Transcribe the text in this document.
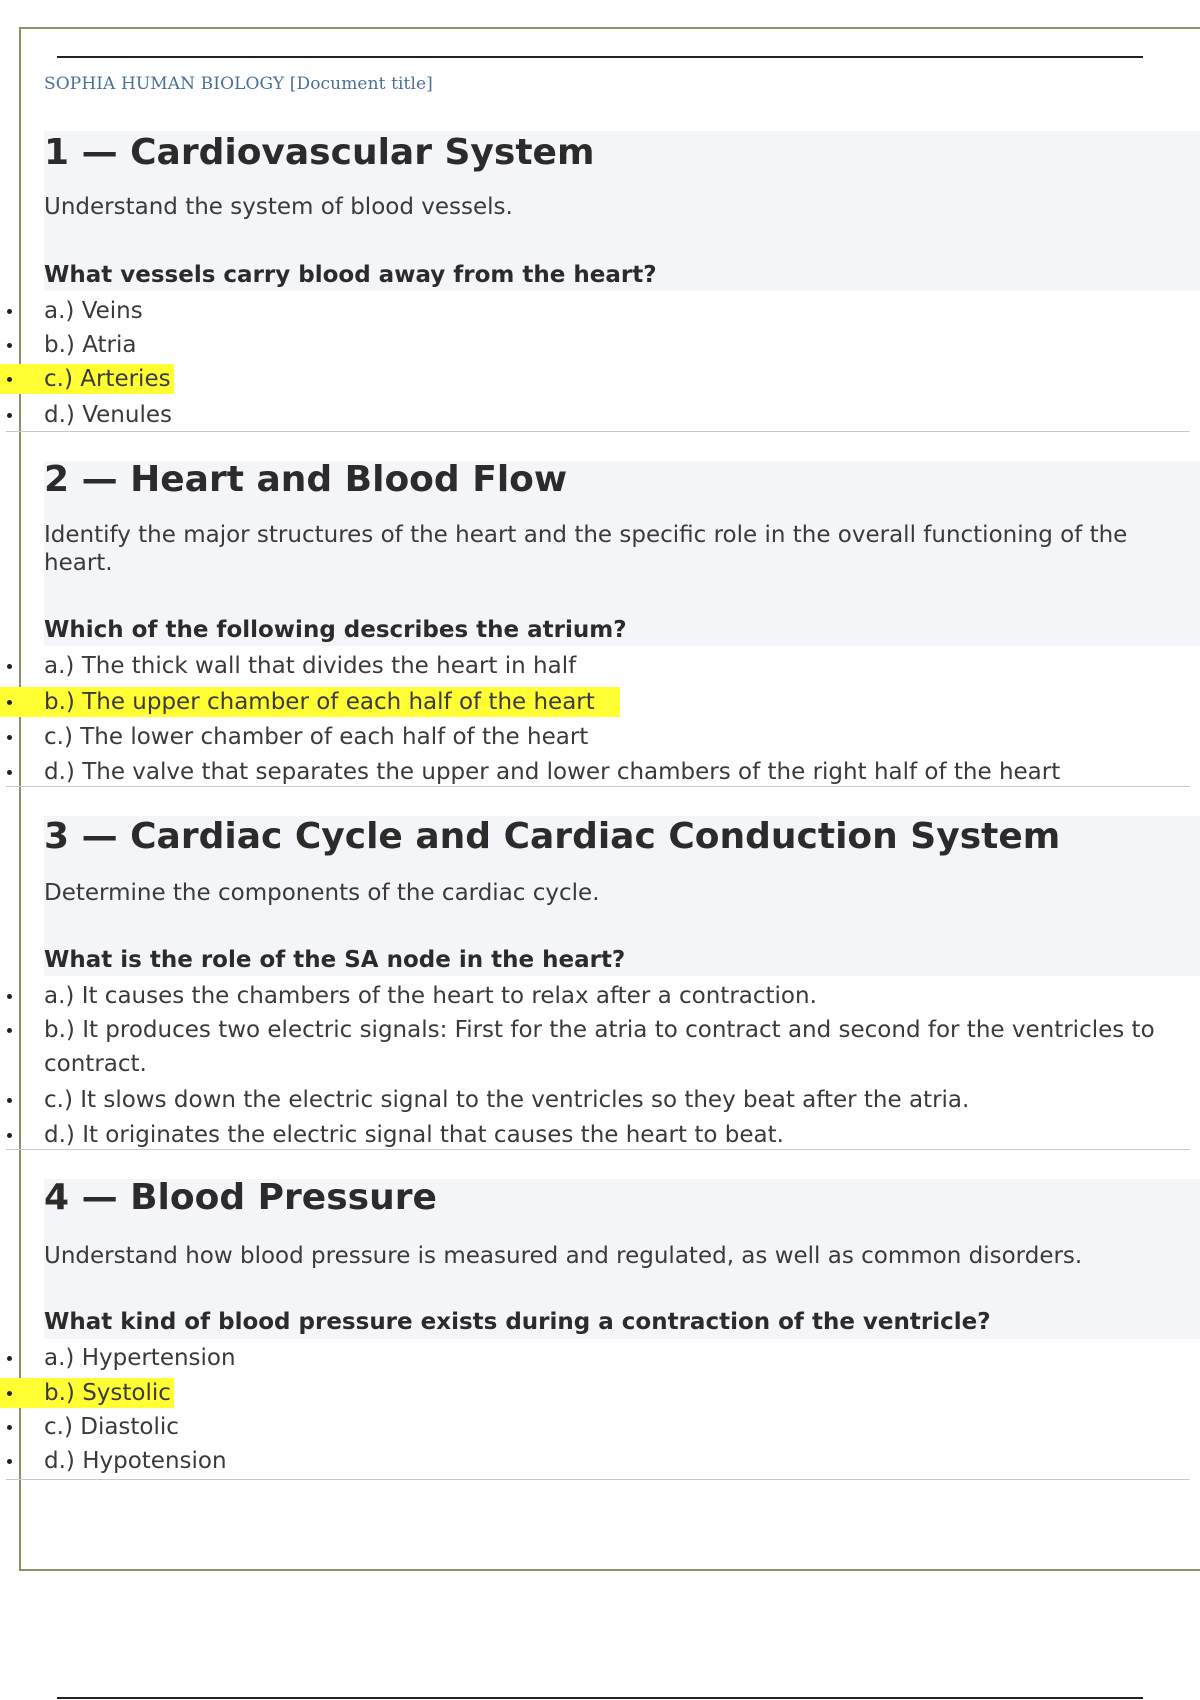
SOPHIA HUMAN BIOLOGY [Document title]
1 — Cardiovascular System

Understand the system of blood vessels.

What vessels carry blood away from the heart?

a.) Veins
b.) Atria
c.) Arteries
d.) Venules
2 — Heart and Blood Flow

Identify the major structures of the heart and the specific role in the overall functioning of the heart.

Which of the following describes the atrium?

a.) The thick wall that divides the heart in half
b.) The upper chamber of each half of the heart
c.) The lower chamber of each half of the heart
d.) The valve that separates the upper and lower chambers of the right half of the heart
3 — Cardiac Cycle and Cardiac Conduction System

Determine the components of the cardiac cycle.

What is the role of the SA node in the heart?

a.) It causes the chambers of the heart to relax after a contraction.
b.) It produces two electric signals: First for the atria to contract and second for the ventricles to contract.
c.) It slows down the electric signal to the ventricles so they beat after the atria.
d.) It originates the electric signal that causes the heart to beat.
4 — Blood Pressure

Understand how blood pressure is measured and regulated, as well as common disorders.

What kind of blood pressure exists during a contraction of the ventricle?

a.) Hypertension
b.) Systolic
c.) Diastolic
d.) Hypotension
